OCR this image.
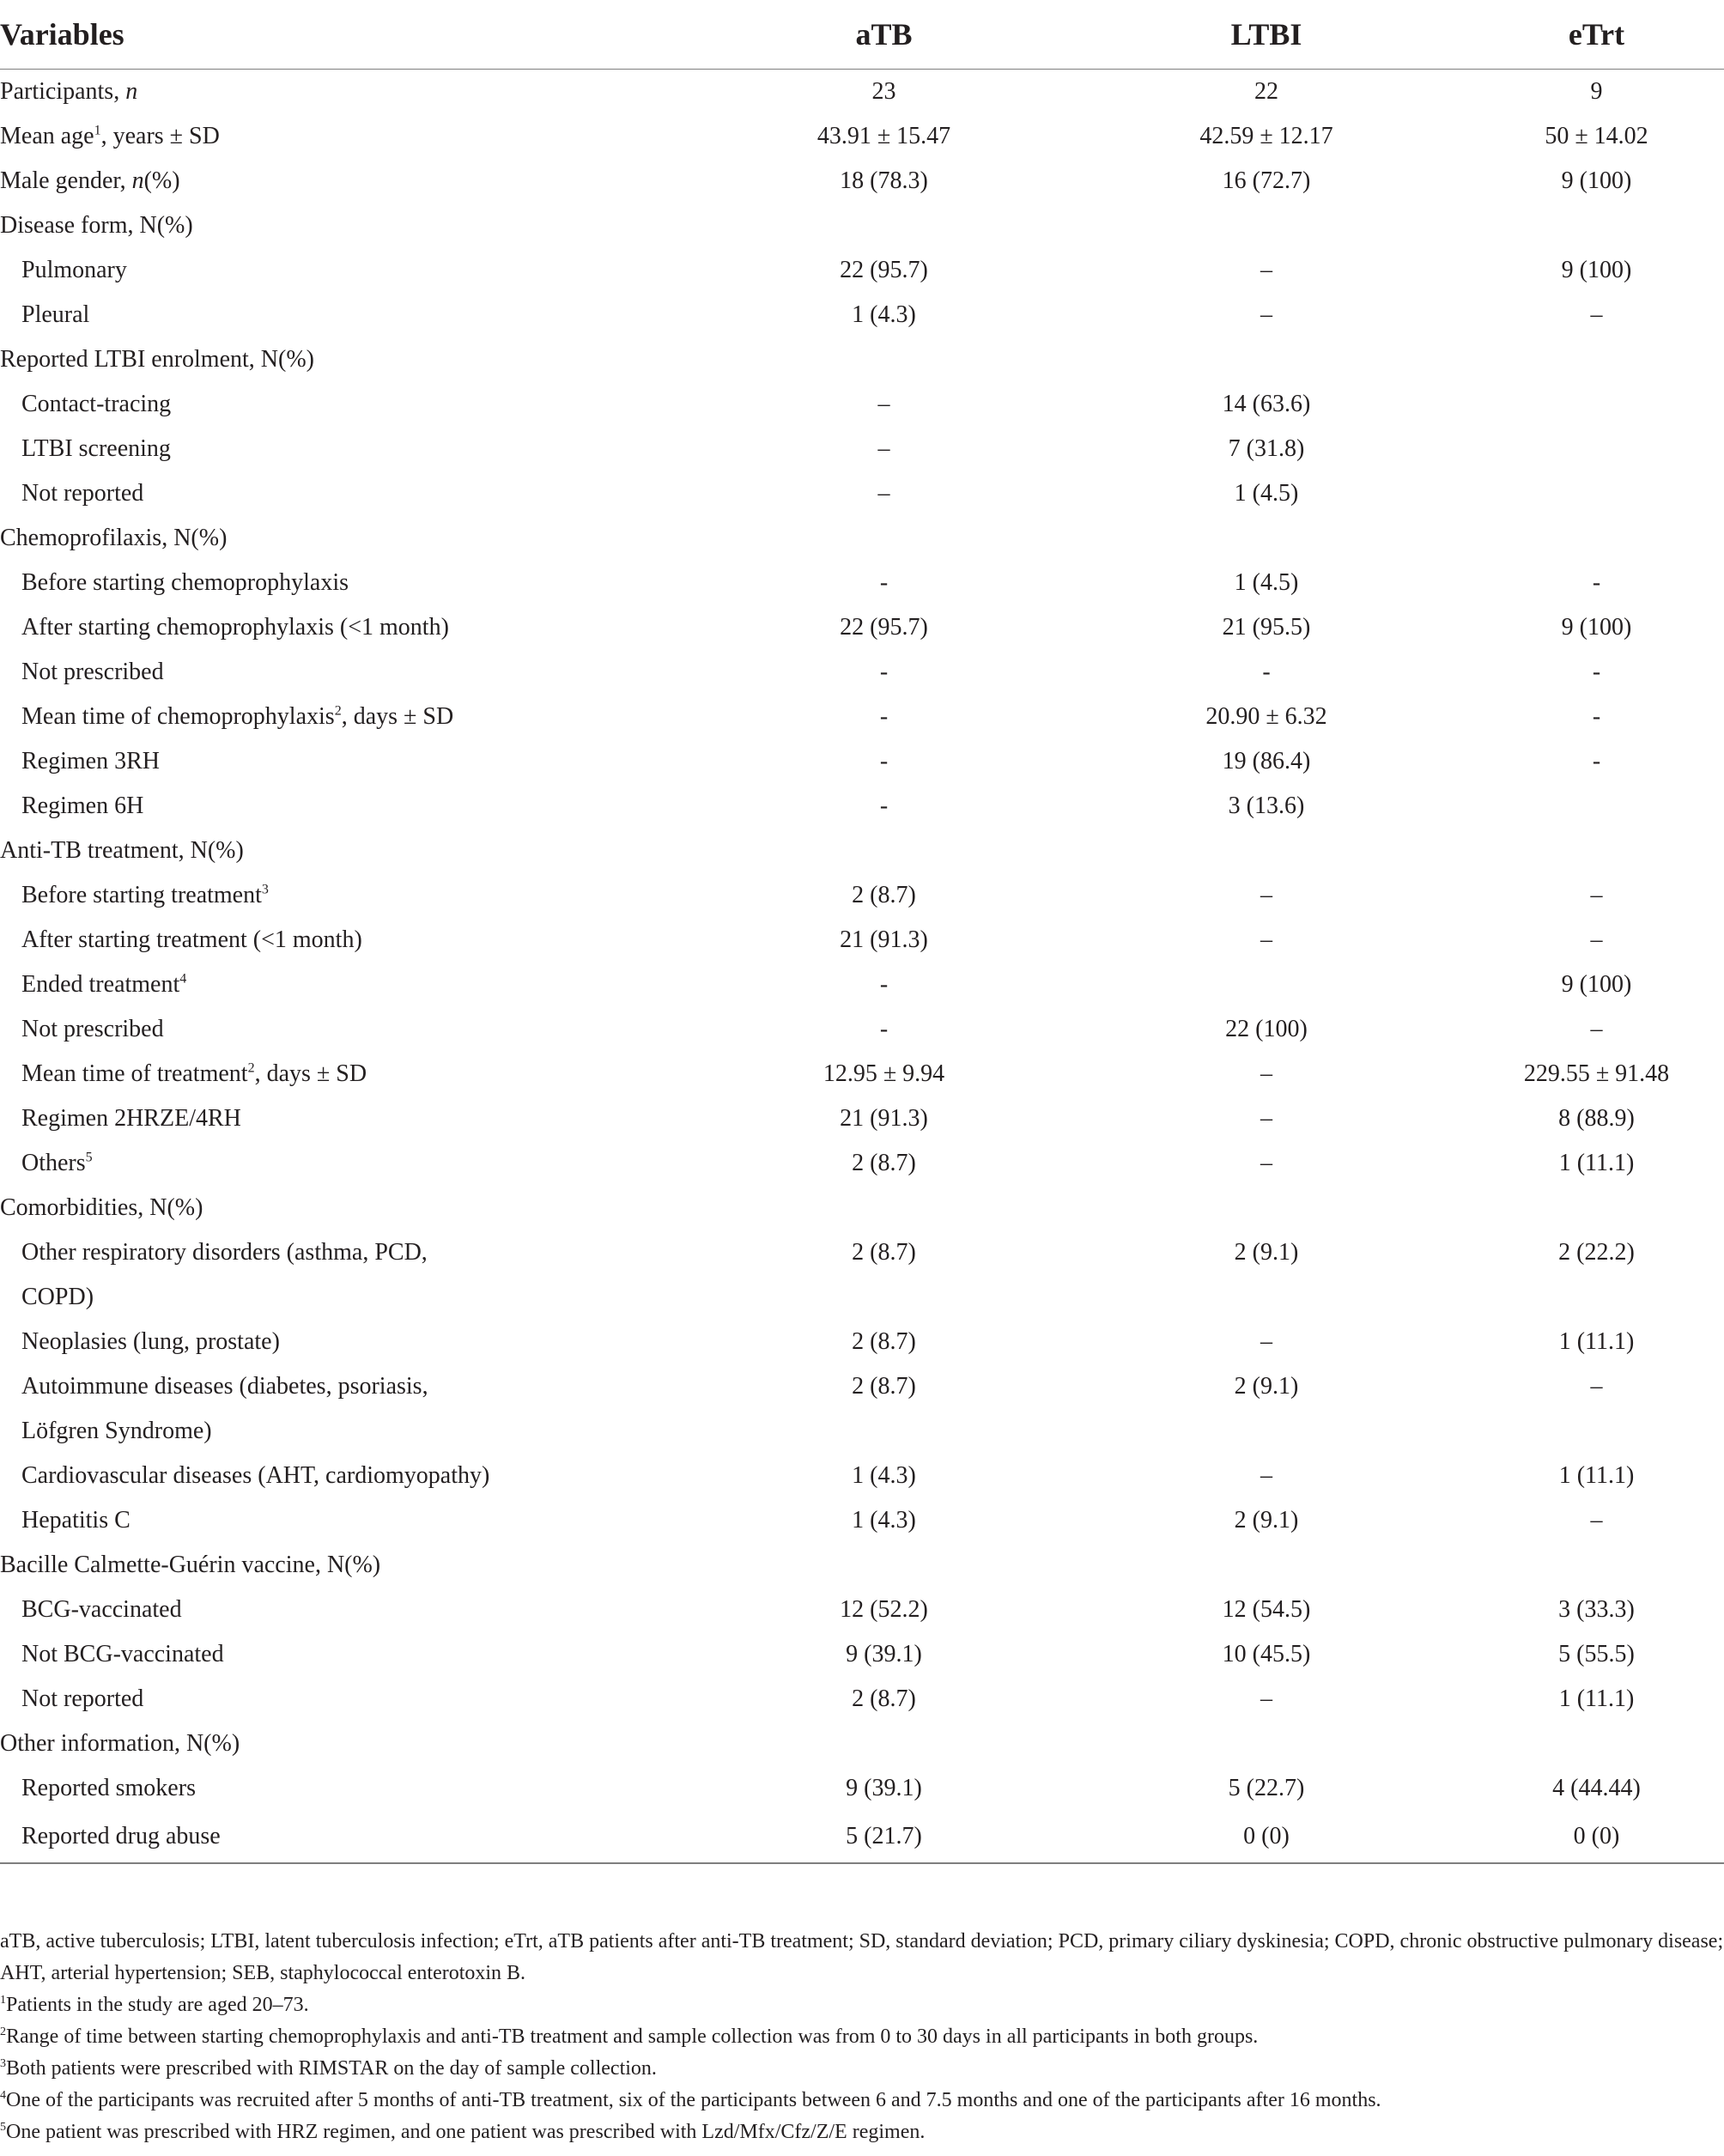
Variables	aTB	LTBI	eTrt
Participants, n	23	22	9
Mean age$^1$, years ± SD	43.91 ± 15.47	42.59 ± 12.17	50 ± 14.02
Male gender, n(%)	18 (78.3)	16 (72.7)	9 (100)
Disease form, N(%)			
Pulmonary	22 (95.7)	–	9 (100)
Pleural	1 (4.3)	–	–
Reported LTBI enrolment, N(%)			
Contact-tracing	–	14 (63.6)	
LTBI screening	–	7 (31.8)	
Not reported	–	1 (4.5)	
Chemoprofilaxis, N(%)			
Before starting chemoprophylaxis	-	1 (4.5)	-
After starting chemoprophylaxis (<1 month)	22 (95.7)	21 (95.5)	9 (100)
Not prescribed	-	-	-
Mean time of chemoprophylaxis$^2$, days ± SD	-	20.90 ± 6.32	-
Regimen 3RH	-	19 (86.4)	-
Regimen 6H	-	3 (13.6)	
Anti-TB treatment, N(%)			
Before starting treatment$^3$	2 (8.7)	–	–
After starting treatment (<1 month)	21 (91.3)	–	–
Ended treatment$^4$	-		9 (100)
Not prescribed	-	22 (100)	–
Mean time of treatment$^2$, days ± SD	12.95 ± 9.94	–	229.55 ± 91.48
Regimen 2HRZE/4RH	21 (91.3)	–	8 (88.9)
Others$^5$	2 (8.7)	–	1 (11.1)
Comorbidities, N(%)			
Other respiratory disorders (asthma, PCD,
COPD)	2 (8.7)	2 (9.1)	2 (22.2)
Neoplasies (lung, prostate)	2 (8.7)	–	1 (11.1)
Autoimmune diseases (diabetes, psoriasis,
Löfgren Syndrome)	2 (8.7)	2 (9.1)	–
Cardiovascular diseases (AHT, cardiomyopathy)	1 (4.3)	–	1 (11.1)
Hepatitis C	1 (4.3)	2 (9.1)	–
Bacille Calmette-Guérin vaccine, N(%)			
BCG-vaccinated	12 (52.2)	12 (54.5)	3 (33.3)
Not BCG-vaccinated	9 (39.1)	10 (45.5)	5 (55.5)
Not reported	2 (8.7)	–	1 (11.1)
Other information, N(%)			
Reported smokers	9 (39.1)	5 (22.7)	4 (44.44)
Reported drug abuse	5 (21.7)	0 (0)	0 (0)

aTB, active tuberculosis; LTBI, latent tuberculosis infection; eTrt, aTB patients after anti-TB treatment; SD, standard deviation; PCD, primary ciliary dyskinesia; COPD, chronic obstructive pulmonary disease; AHT, arterial hypertension; SEB, staphylococcal enterotoxin B.

$^1$Patients in the study are aged 20–73.

$^2$Range of time between starting chemoprophylaxis and anti-TB treatment and sample collection was from 0 to 30 days in all participants in both groups.

$^3$Both patients were prescribed with RIMSTAR on the day of sample collection.

$^4$One of the participants was recruited after 5 months of anti-TB treatment, six of the participants between 6 and 7.5 months and one of the participants after 16 months.

$^5$One patient was prescribed with HRZ regimen, and one patient was prescribed with Lzd/Mfx/Cfz/Z/E regimen.
